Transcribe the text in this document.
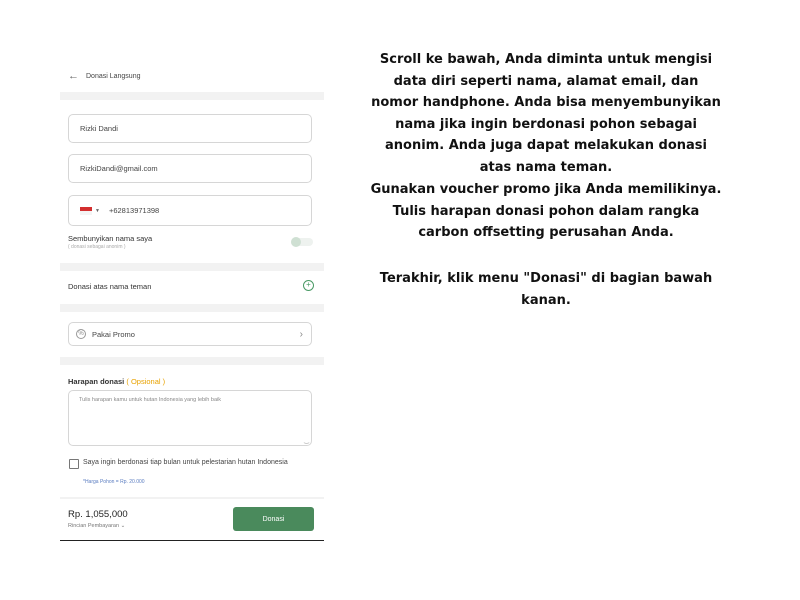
←	Donasi Langsung
Rizki Dandi
RizkiDandi@gmail.com
▼ +62813971398
Sembunyikan nama saya
( donasi sebagai anonim )
Donasi atas nama teman	+
%	Pakai Promo	›
Harapan donasi ( Opsional )
Tulis harapan kamu untuk hutan Indonesia yang lebih baik
‿
Saya ingin berdonasi tiap bulan untuk pelestarian hutan Indonesia
*Harga Pohon = Rp. 20.000
Rp. 1,055,000
Rincian Pembayaran ⌄
Donasi

Scroll ke bawah, Anda diminta untuk mengisi data diri seperti nama, alamat email, dan nomor handphone. Anda bisa menyembunyikan nama jika ingin berdonasi pohon sebagai anonim. Anda juga dapat melakukan donasi atas nama teman.

Gunakan voucher promo jika Anda memilikinya. Tulis harapan donasi pohon dalam rangka carbon offsetting perusahan Anda.

Terakhir, klik menu "Donasi" di bagian bawah kanan.
